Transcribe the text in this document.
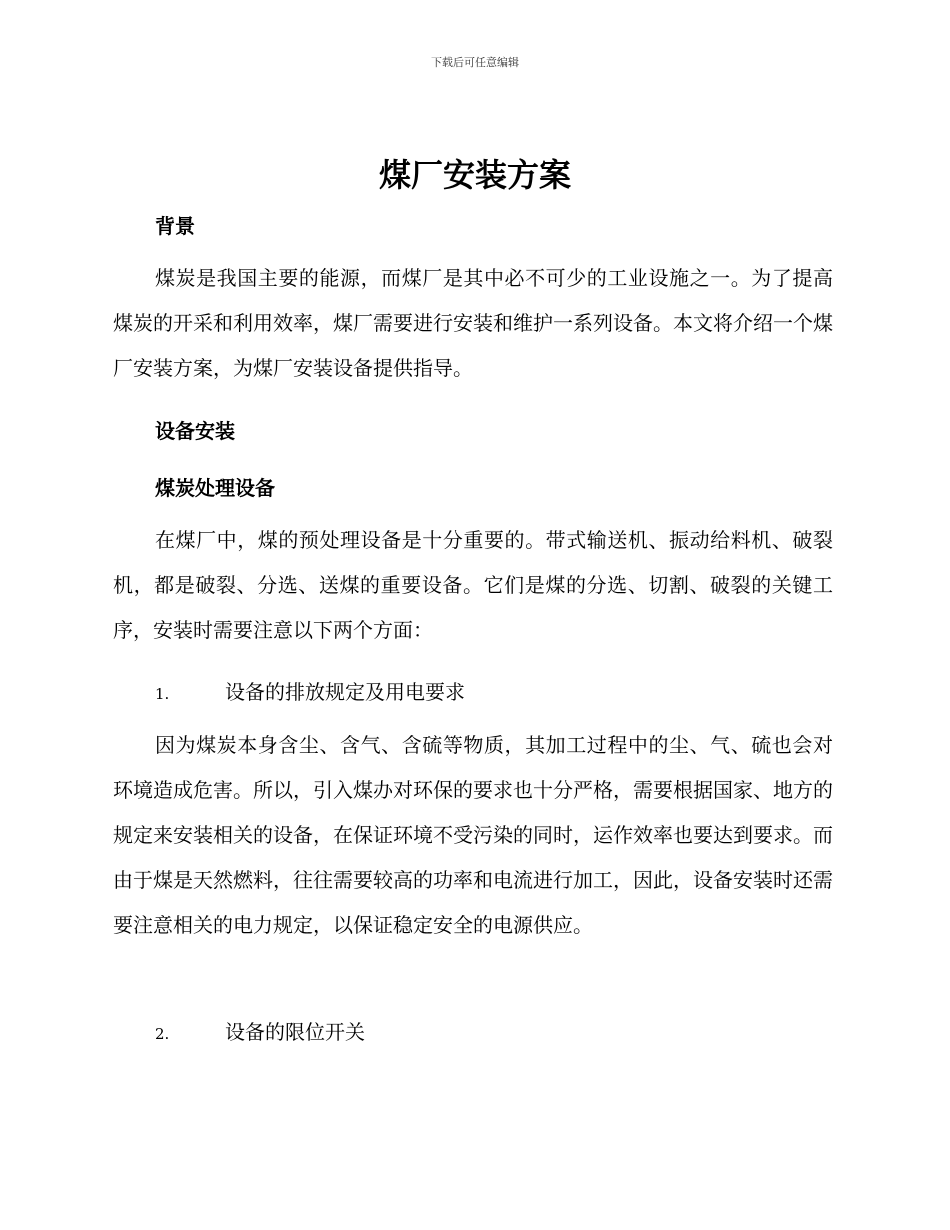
下载后可任意编辑
煤厂安装方案
背景
煤炭是我国主要的能源，而煤厂是其中必不可少的工业设施之一。为了提高煤炭的开采和利用效率，煤厂需要进行安装和维护一系列设备。本文将介绍一个煤厂安装方案，为煤厂安装设备提供指导。
设备安装
煤炭处理设备
在煤厂中，煤的预处理设备是十分重要的。带式输送机、振动给料机、破裂机，都是破裂、分选、送煤的重要设备。它们是煤的分选、切割、破裂的关键工序，安装时需要注意以下两个方面：
1.	设备的排放规定及用电要求
因为煤炭本身含尘、含气、含硫等物质，其加工过程中的尘、气、硫也会对环境造成危害。所以，引入煤办对环保的要求也十分严格，需要根据国家、地方的规定来安装相关的设备，在保证环境不受污染的同时，运作效率也要达到要求。而由于煤是天然燃料，往往需要较高的功率和电流进行加工，因此，设备安装时还需要注意相关的电力规定，以保证稳定安全的电源供应。
2.	设备的限位开关
